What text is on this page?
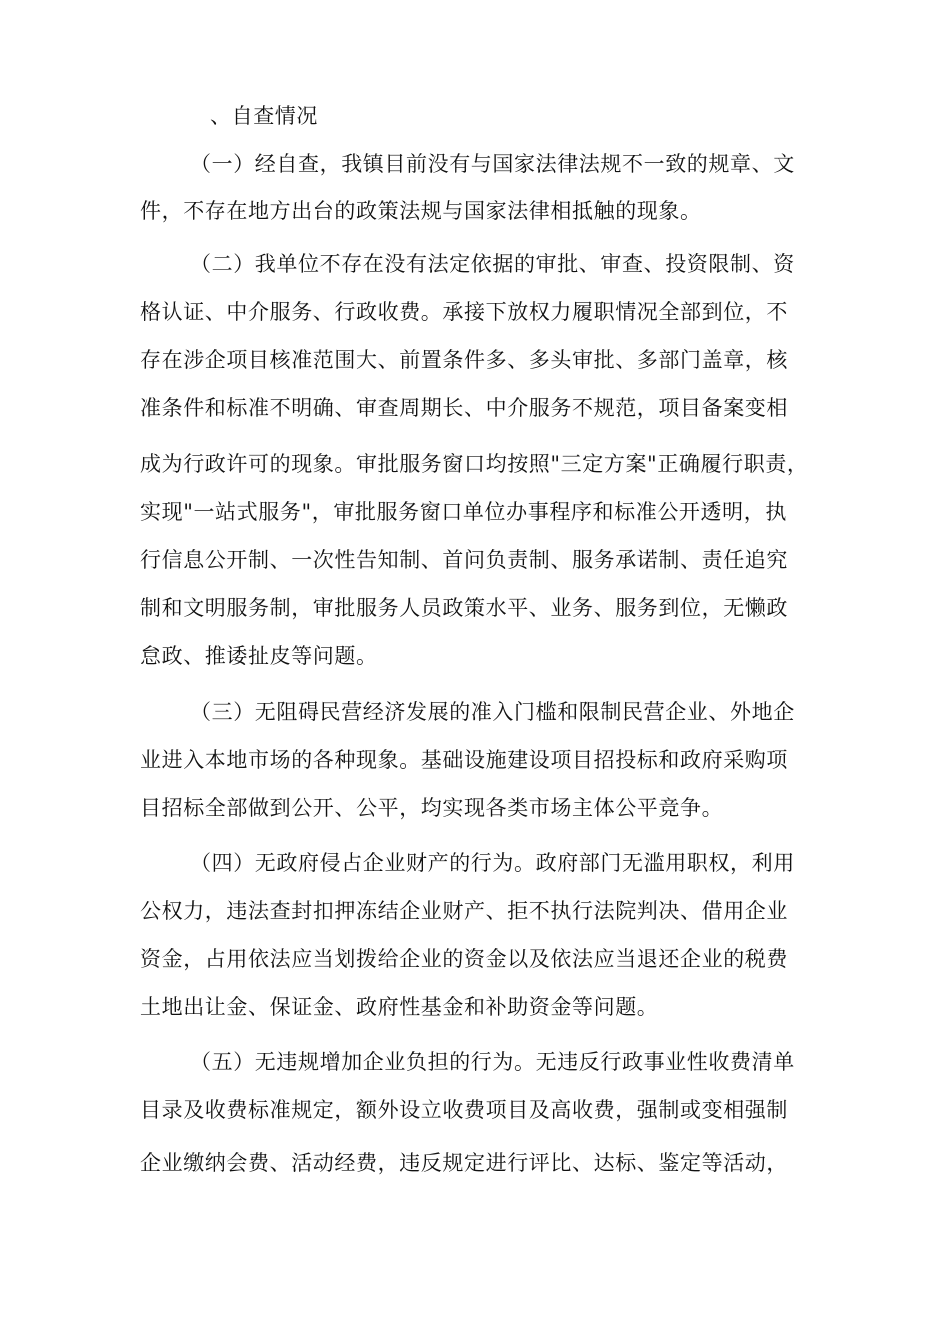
、自查情况
（一）经自查，我镇目前没有与国家法律法规不一致的规章、文
件，不存在地方出台的政策法规与国家法律相抵触的现象。
（二）我单位不存在没有法定依据的审批、审查、投资限制、资
格认证、中介服务、行政收费。承接下放权力履职情况全部到位，不
存在涉企项目核准范围大、前置条件多、多头审批、多部门盖章，核
准条件和标准不明确、审查周期长、中介服务不规范，项目备案变相
成为行政许可的现象。审批服务窗口均按照"三定方案"正确履行职责，
实现"一站式服务"，审批服务窗口单位办事程序和标准公开透明，执
行信息公开制、一次性告知制、首问负责制、服务承诺制、责任追究
制和文明服务制，审批服务人员政策水平、业务、服务到位，无懒政
怠政、推诿扯皮等问题。
（三）无阻碍民营经济发展的准入门槛和限制民营企业、外地企
业进入本地市场的各种现象。基础设施建设项目招投标和政府采购项
目招标全部做到公开、公平，均实现各类市场主体公平竞争。
（四）无政府侵占企业财产的行为。政府部门无滥用职权，利用
公权力，违法查封扣押冻结企业财产、拒不执行法院判决、借用企业
资金，占用依法应当划拨给企业的资金以及依法应当退还企业的税费
土地出让金、保证金、政府性基金和补助资金等问题。
（五）无违规增加企业负担的行为。无违反行政事业性收费清单
目录及收费标准规定，额外设立收费项目及高收费，强制或变相强制
企业缴纳会费、活动经费，违反规定进行评比、达标、鉴定等活动，
